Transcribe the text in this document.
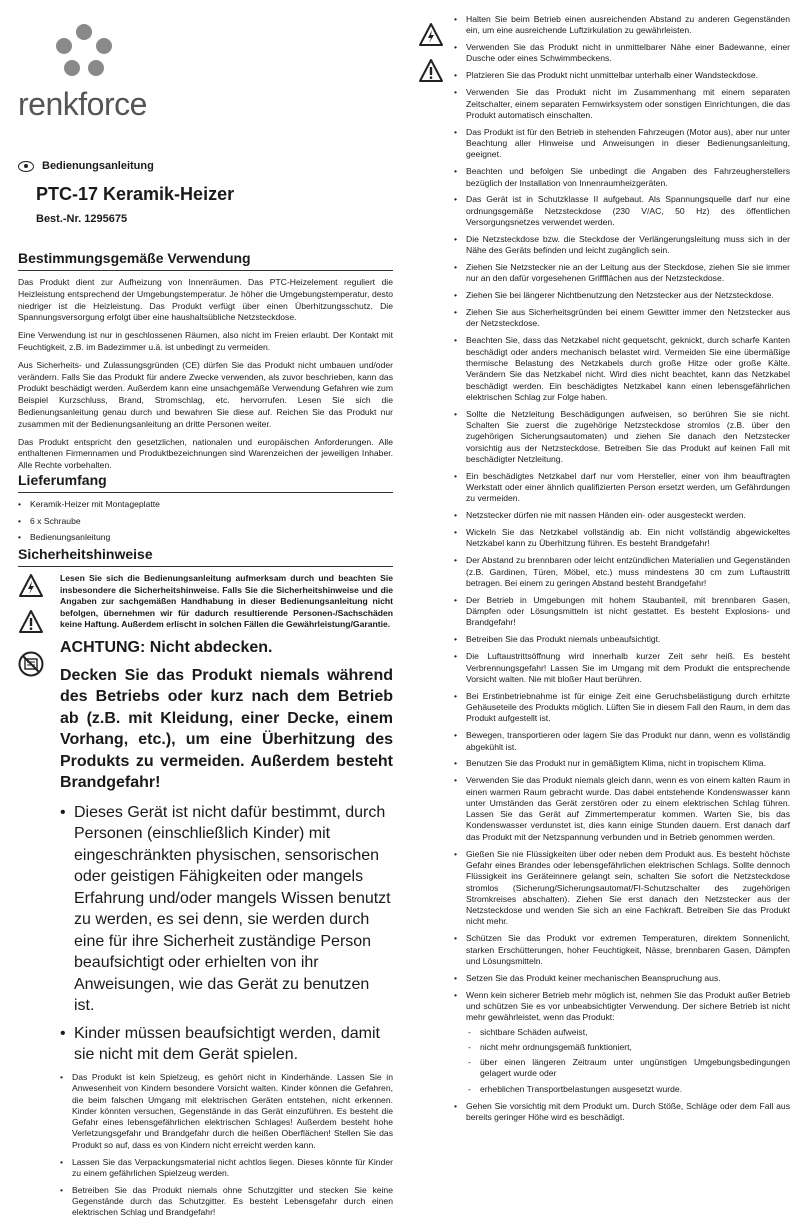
renkforce
Bedienungsanleitung
PTC-17 Keramik-Heizer
Best.-Nr. 1295675
Bestimmungsgemäße Verwendung

Das Produkt dient zur Aufheizung von Innenräumen. Das PTC-Heizelement reguliert die Heizleistung entsprechend der Umgebungstemperatur. Je höher die Umgebungstemperatur, desto niedriger ist die Heizleistung. Das Produkt verfügt über einen Überhitzungsschutz. Die Spannungsversorgung erfolgt über eine haushaltsübliche Netzsteckdose.

Eine Verwendung ist nur in geschlossenen Räumen, also nicht im Freien erlaubt. Der Kontakt mit Feuchtigkeit, z.B. im Badezimmer u.ä. ist unbedingt zu vermeiden.

Aus Sicherheits- und Zulassungsgründen (CE) dürfen Sie das Produkt nicht umbauen und/oder verändern. Falls Sie das Produkt für andere Zwecke verwenden, als zuvor beschrieben, kann das Produkt beschädigt werden. Außerdem kann eine unsachgemäße Verwendung Gefahren wie zum Beispiel Kurzschluss, Brand, Stromschlag, etc. hervorrufen. Lesen Sie sich die Bedienungsanleitung genau durch und bewahren Sie diese auf. Reichen Sie das Produkt nur zusammen mit der Bedienungsanleitung an dritte Personen weiter.

Das Produkt entspricht den gesetzlichen, nationalen und europäischen Anforderungen. Alle enthaltenen Firmennamen und Produktbezeichnungen sind Warenzeichen der jeweiligen Inhaber. Alle Rechte vorbehalten.

Lieferumfang
• Keramik-Heizer mit Montageplatte
• 6 x Schraube
• Bedienungsanleitung
Sicherheitshinweise

Lesen Sie sich die Bedienungsanleitung aufmerksam durch und beachten Sie insbesondere die Sicherheitshinweise. Falls Sie die Sicherheitshinweise und die Angaben zur sachgemäßen Handhabung in dieser Bedienungsanleitung nicht befolgen, übernehmen wir für dadurch resultierende Personen-/Sachschäden keine Haftung. Außerdem erlischt in solchen Fällen die Gewährleistung/Garantie.

ACHTUNG: Nicht abdecken.
Decken Sie das Produkt niemals während des Betriebs oder kurz nach dem Betrieb ab (z.B. mit Kleidung, einer Decke, einem Vorhang, etc.), um eine Überhitzung des Produkts zu vermeiden. Außerdem besteht Brandgefahr!
• Dieses Gerät ist nicht dafür bestimmt, durch Personen (einschließlich Kinder) mit eingeschränkten physischen, sensorischen oder geistigen Fähigkeiten oder mangels Erfahrung und/oder mangels Wissen benutzt zu werden, es sei denn, sie werden durch eine für ihre Sicherheit zuständige Person beaufsichtigt oder erhielten von ihr Anweisungen, wie das Gerät zu benutzen ist.
• Kinder müssen beaufsichtigt werden, damit sie nicht mit dem Gerät spielen.
• Das Produkt ist kein Spielzeug, es gehört nicht in Kinderhände. Lassen Sie in Anwesenheit von Kindern besondere Vorsicht walten. Kinder können die Gefahren, die beim falschen Umgang mit elektrischen Geräten entstehen, nicht erkennen. Kinder könnten versuchen, Gegenstände in das Gerät einzuführen. Es besteht die Gefahr eines lebensgefährlichen elektrischen Schlages! Außerdem besteht hohe Verletzungsgefahr und Brandgefahr durch die heißen Oberflächen! Stellen Sie das Produkt so auf, dass es von Kindern nicht erreicht werden kann.
• Lassen Sie das Verpackungsmaterial nicht achtlos liegen. Dieses könnte für Kinder zu einem gefährlichen Spielzeug werden.
• Betreiben Sie das Produkt niemals ohne Schutzgitter und stecken Sie keine Gegenstände durch das Schutzgitter. Es besteht Lebensgefahr durch einen elektrischen Schlag und Brandgefahr!
• Halten Sie beim Betrieb einen ausreichenden Abstand zu anderen Gegenständen ein, um eine ausreichende Luftzirkulation zu gewährleisten.
• Verwenden Sie das Produkt nicht in unmittelbarer Nähe einer Badewanne, einer Dusche oder eines Schwimmbeckens.
• Platzieren Sie das Produkt nicht unmittelbar unterhalb einer Wandsteckdose.
• Verwenden Sie das Produkt nicht im Zusammenhang mit einem separaten Zeitschalter, einem separaten Fernwirksystem oder sonstigen Einrichtungen, die das Produkt automatisch einschalten.
• Das Produkt ist für den Betrieb in stehenden Fahrzeugen (Motor aus), aber nur unter Beachtung aller Hinweise und Anweisungen in dieser Bedienungsanleitung, geeignet.
• Beachten und befolgen Sie unbedingt die Angaben des Fahrzeugherstellers bezüglich der Installation von Innenraumheizgeräten.
• Das Gerät ist in Schutzklasse II aufgebaut. Als Spannungsquelle darf nur eine ordnungsgemäße Netzsteckdose (230 V/AC, 50 Hz) des öffentlichen Versorgungsnetzes verwendet werden.
• Die Netzsteckdose bzw. die Steckdose der Verlängerungsleitung muss sich in der Nähe des Geräts befinden und leicht zugänglich sein.
• Ziehen Sie Netzstecker nie an der Leitung aus der Steckdose, ziehen Sie sie immer nur an den dafür vorgesehenen Griffflächen aus der Netzsteckdose.
• Ziehen Sie bei längerer Nichtbenutzung den Netzstecker aus der Netzsteckdose.
• Ziehen Sie aus Sicherheitsgründen bei einem Gewitter immer den Netzstecker aus der Netzsteckdose.
• Beachten Sie, dass das Netzkabel nicht gequetscht, geknickt, durch scharfe Kanten beschädigt oder anders mechanisch belastet wird. Vermeiden Sie eine übermäßige thermische Belastung des Netzkabels durch große Hitze oder große Kälte. Verändern Sie das Netzkabel nicht. Wird dies nicht beachtet, kann das Netzkabel beschädigt werden. Ein beschädigtes Netzkabel kann einen lebensgefährlichen elektrischen Schlag zur Folge haben.
• Sollte die Netzleitung Beschädigungen aufweisen, so berühren Sie sie nicht. Schalten Sie zuerst die zugehörige Netzsteckdose stromlos (z.B. über den zugehörigen Sicherungsautomaten) und ziehen Sie danach den Netzstecker vorsichtig aus der Netzsteckdose. Betreiben Sie das Produkt auf keinen Fall mit beschädigter Netzleitung.
• Ein beschädigtes Netzkabel darf nur vom Hersteller, einer von ihm beauftragten Werkstatt oder einer ähnlich qualifizierten Person ersetzt werden, um Gefährdungen zu vermeiden.
• Netzstecker dürfen nie mit nassen Händen ein- oder ausgesteckt werden.
• Wickeln Sie das Netzkabel vollständig ab. Ein nicht vollständig abgewickeltes Netzkabel kann zu Überhitzung führen. Es besteht Brandgefahr!
• Der Abstand zu brennbaren oder leicht entzündlichen Materialien und Gegenständen (z.B. Gardinen, Türen, Möbel, etc.) muss mindestens 30 cm zum Luftaustritt betragen. Bei einem zu geringen Abstand besteht Brandgefahr!
• Der Betrieb in Umgebungen mit hohem Staubanteil, mit brennbaren Gasen, Dämpfen oder Lösungsmitteln ist nicht gestattet. Es besteht Explosions- und Brandgefahr!
• Betreiben Sie das Produkt niemals unbeaufsichtigt.
• Die Luftaustrittsöffnung wird innerhalb kurzer Zeit sehr heiß. Es besteht Verbrennungsgefahr! Lassen Sie im Umgang mit dem Produkt die entsprechende Vorsicht walten. Nie mit bloßer Haut berühren.
• Bei Erstinbetriebnahme ist für einige Zeit eine Geruchsbelästigung durch erhitzte Gehäuseteile des Produkts möglich. Lüften Sie in diesem Fall den Raum, in dem das Produkt aufgestellt ist.
• Bewegen, transportieren oder lagern Sie das Produkt nur dann, wenn es vollständig abgekühlt ist.
• Benutzen Sie das Produkt nur in gemäßigtem Klima, nicht in tropischem Klima.
• Verwenden Sie das Produkt niemals gleich dann, wenn es von einem kalten Raum in einen warmen Raum gebracht wurde. Das dabei entstehende Kondenswasser kann unter Umständen das Gerät zerstören oder zu einem elektrischen Schlag führen. Lassen Sie das Gerät auf Zimmertemperatur kommen. Warten Sie, bis das Kondenswasser verdunstet ist, dies kann einige Stunden dauern. Erst danach darf das Produkt mit der Netzspannung verbunden und in Betrieb genommen werden.
• Gießen Sie nie Flüssigkeiten über oder neben dem Produkt aus. Es besteht höchste Gefahr eines Brandes oder lebensgefährlichen elektrischen Schlags. Sollte dennoch Flüssigkeit ins Geräteinnere gelangt sein, schalten Sie sofort die Netzsteckdose stromlos (Sicherung/Sicherungsautomat/FI-Schutzschalter des zugehörigen Stromkreises abschalten). Ziehen Sie erst danach den Netzstecker aus der Netzsteckdose und wenden Sie sich an eine Fachkraft. Betreiben Sie das Produkt nicht mehr.
• Schützen Sie das Produkt vor extremen Temperaturen, direktem Sonnenlicht, starken Erschütterungen, hoher Feuchtigkeit, Nässe, brennbaren Gasen, Dämpfen und Lösungsmitteln.
• Setzen Sie das Produkt keiner mechanischen Beanspruchung aus.
• Wenn kein sicherer Betrieb mehr möglich ist, nehmen Sie das Produkt außer Betrieb und schützen Sie es vor unbeabsichtigter Verwendung. Der sichere Betrieb ist nicht mehr gewährleistet, wenn das Produkt:
- sichtbare Schäden aufweist,
- nicht mehr ordnungsgemäß funktioniert,
- über einen längeren Zeitraum unter ungünstigen Umgebungsbedingungen gelagert wurde oder
- erheblichen Transportbelastungen ausgesetzt wurde.
• Gehen Sie vorsichtig mit dem Produkt um. Durch Stöße, Schläge oder dem Fall aus bereits geringer Höhe wird es beschädigt.
